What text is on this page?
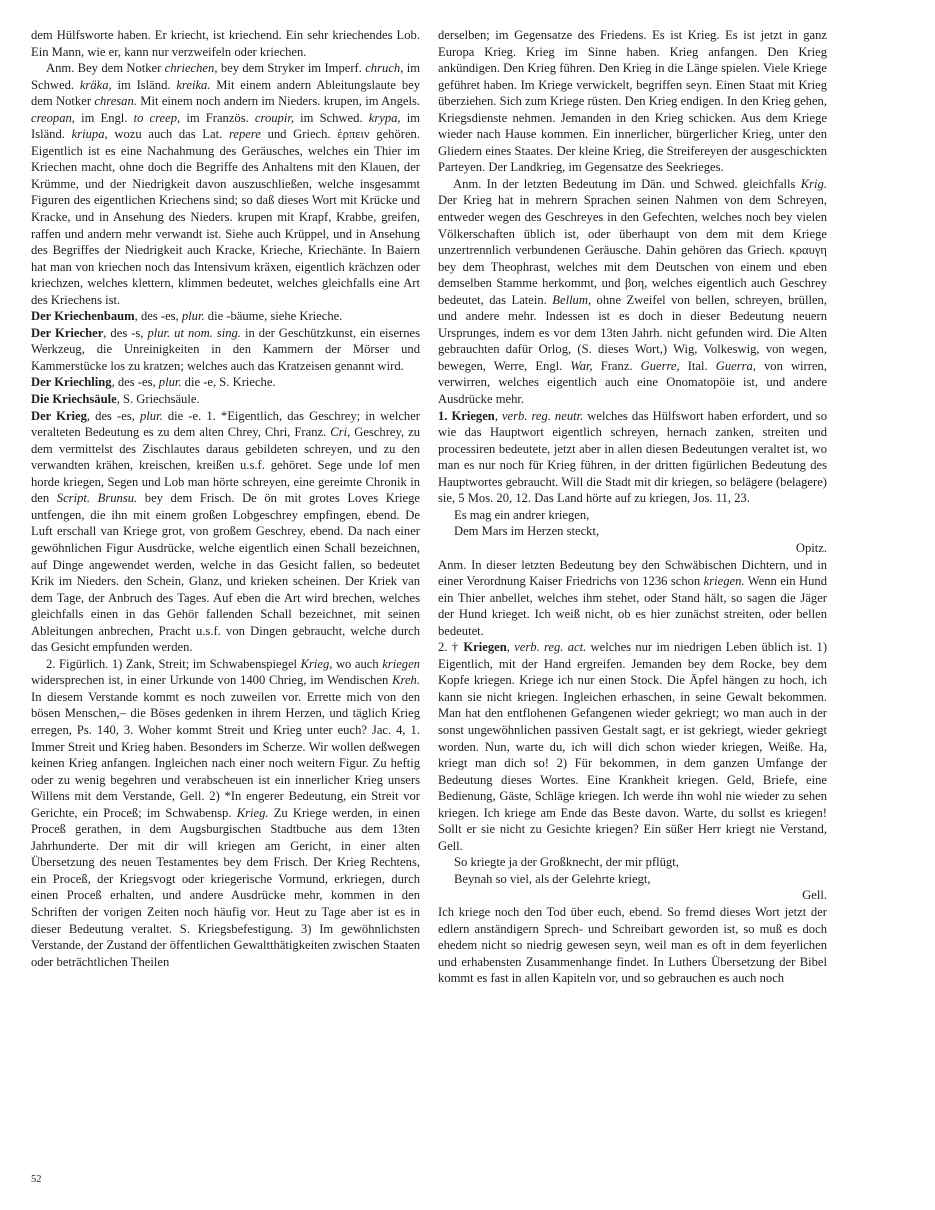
dem Hülfsworte haben. Er kriecht, ist kriechend. Ein sehr kriechendes Lob. Ein Mann, wie er, kann nur verzweifeln oder kriechen.

Anm. Bey dem Notker chriechen, bey dem Stryker im Imperf. chruch, im Schwed. kräka, im Isländ. kreika. Mit einem andern Ableitungslaute bey dem Notker chresan. Mit einem noch andern im Nieders. krupen, im Angels. creopan, im Engl. to creep, im Französ. croupir, im Schwed. krypa, im Isländ. kriupa, wozu auch das Lat. repere und Griech. ἑρπειν gehören. Eigentlich ist es eine Nachahmung des Geräusches, welches ein Thier im Kriechen macht, ohne doch die Begriffe des Anhaltens mit den Klauen, der Krümme, und der Niedrigkeit davon auszuschließen, welche insgesammt Figuren des eigentlichen Kriechens sind; so daß dieses Wort mit Krücke und Kracke, und in Ansehung des Nieders. krupen mit Krapf, Krabbe, greifen, raffen und andern mehr verwandt ist. Siehe auch Krüppel, und in Ansehung des Begriffes der Niedrigkeit auch Kracke, Krieche, Kriechänte. In Baiern hat man von kriechen noch das Intensivum kräxen, eigentlich krächzen oder kriechzen, welches klettern, klimmen bedeutet, welches gleichfalls eine Art des Kriechens ist.

Der Kriechenbaum, des -es, plur. die -bäume, siehe Krieche.

Der Kriecher, des -s, plur. ut nom. sing. in der Geschützkunst, ein eisernes Werkzeug, die Unreinigkeiten in den Kammern der Mörser und Kammerstücke los zu kratzen; welches auch das Kratzeisen genannt wird.

Der Kriechling, des -es, plur. die -e, S. Krieche.

Die Kriechsäule, S. Griechsäule.

Der Krieg, des -es, plur. die -e. 1. *Eigentlich, das Geschrey; in welcher veralteten Bedeutung es zu dem alten Chrey, Chri, Franz. Cri, Geschrey, zu dem vermittelst des Zischlautes daraus gebildeten schreyen, und zu den verwandten krähen, kreischen, kreißen u.s.f. gehöret. Sege unde lof men horde kriegen, Segen und Lob man hörte schreyen, eine gereimte Chronik in den Script. Brunsu. bey dem Frisch. De ön mit grotes Loves Kriege untfengen, die ihn mit einem großen Lobgeschrey empfingen, ebend. De Luft erschall van Kriege grot, von großem Geschrey, ebend. Da nach einer gewöhnlichen Figur Ausdrücke, welche eigentlich einen Schall bezeichnen, auf Dinge angewendet werden, welche in das Gesicht fallen, so bedeutet Krik im Nieders. den Schein, Glanz, und krieken scheinen. Der Kriek van dem Tage, der Anbruch des Tages. Auf eben die Art wird brechen, welches gleichfalls einen in das Gehör fallenden Schall bezeichnet, mit seinen Ableitungen anbrechen, Pracht u.s.f. von Dingen gebraucht, welche durch das Gesicht empfunden werden.

2. Figürlich. 1) Zank, Streit; im Schwabenspiegel Krieg, wo auch kriegen widersprechen ist, in einer Urkunde von 1400 Chrieg, im Wendischen Kreh. In diesem Verstande kommt es noch zuweilen vor. Errette mich von den bösen Menschen,– die Böses gedenken in ihrem Herzen, und täglich Krieg erregen, Ps. 140, 3. Woher kommt Streit und Krieg unter euch? Jac. 4, 1. Immer Streit und Krieg haben. Besonders im Scherze. Wir wollen deßwegen keinen Krieg anfangen. Ingleichen nach einer noch weitern Figur. Zu heftig oder zu wenig begehren und verabscheuen ist ein innerlicher Krieg unsers Willens mit dem Verstande, Gell. 2) *In engerer Bedeutung, ein Streit vor Gerichte, ein Proceß; im Schwabensp. Krieg. Zu Kriege werden, in einen Proceß gerathen, in dem Augsburgischen Stadtbuche aus dem 13ten Jahrhunderte. Der mit dir will kriegen am Gericht, in einer alten Übersetzung des neuen Testamentes bey dem Frisch. Der Krieg Rechtens, ein Proceß, der Kriegsvogt oder kriegerische Vormund, erkriegen, durch einen Proceß erhalten, und andere Ausdrücke mehr, kommen in den Schriften der vorigen Zeiten noch häufig vor. Heut zu Tage aber ist es in dieser Bedeutung veraltet. S. Kriegsbefestigung. 3) Im gewöhnlichsten Verstande, der Zustand der öffentlichen Gewaltthätigkeiten zwischen Staaten oder beträchtlichen Theilen

derselben; im Gegensatze des Friedens. Es ist Krieg. Es ist jetzt in ganz Europa Krieg. Krieg im Sinne haben. Krieg anfangen. Den Krieg ankündigen. Den Krieg führen. Den Krieg in die Länge spielen. Viele Kriege geführet haben. Im Kriege verwickelt, begriffen seyn. Einen Staat mit Krieg überziehen. Sich zum Kriege rüsten. Den Krieg endigen. In den Krieg gehen, Kriegsdienste nehmen. Jemanden in den Krieg schicken. Aus dem Kriege wieder nach Hause kommen. Ein innerlicher, bürgerlicher Krieg, unter den Gliedern eines Staates. Der kleine Krieg, die Streifereyen der ausgeschickten Parteyen. Der Landkrieg, im Gegensatze des Seekrieges.

Anm. In der letzten Bedeutung im Dän. und Schwed. gleichfalls Krig. Der Krieg hat in mehrern Sprachen seinen Nahmen von dem Schreyen, entweder wegen des Geschreyes in den Gefechten, welches noch bey vielen Völkerschaften üblich ist, oder überhaupt von dem mit dem Kriege unzertrennlich verbundenen Geräusche. Dahin gehören das Griech. κραυγη bey dem Theophrast, welches mit dem Deutschen von einem und eben demselben Stamme herkommt, und βοη, welches eigentlich auch Geschrey bedeutet, das Latein. Bellum, ohne Zweifel von bellen, schreyen, brüllen, und andere mehr. Indessen ist es doch in dieser Bedeutung neuern Ursprunges, indem es vor dem 13ten Jahrh. nicht gefunden wird. Die Alten gebrauchten dafür Orlog, (S. dieses Wort,) Wig, Volkeswig, von wegen, bewegen, Werre, Engl. War, Franz. Guerre, Ital. Guerra, von wirren, verwirren, welches eigentlich auch eine Onomatopöie ist, und andere Ausdrücke mehr.

1. Kriegen, verb. reg. neutr. welches das Hülfswort haben erfordert, und so wie das Hauptwort eigentlich schreyen, hernach zanken, streiten und processiren bedeutete, jetzt aber in allen diesen Bedeutungen veraltet ist, wo man es nur noch für Krieg führen, in der dritten figürlichen Bedeutung des Hauptwortes gebraucht. Will die Stadt mit dir kriegen, so belägere (belagere) sie, 5 Mos. 20, 12. Das Land hörte auf zu kriegen, Jos. 11, 23.

Es mag ein andrer kriegen,

Dem Mars im Herzen steckt,

Opitz.

Anm. In dieser letzten Bedeutung bey den Schwäbischen Dichtern, und in einer Verordnung Kaiser Friedrichs von 1236 schon kriegen. Wenn ein Hund ein Thier anbellet, welches ihm stehet, oder Stand hält, so sagen die Jäger der Hund krieget. Ich weiß nicht, ob es hier zunächst streiten, oder bellen bedeutet.

2. † Kriegen, verb. reg. act. welches nur im niedrigen Leben üblich ist. 1) Eigentlich, mit der Hand ergreifen. Jemanden bey dem Rocke, bey dem Kopfe kriegen. Kriege ich nur einen Stock. Die Äpfel hängen zu hoch, ich kann sie nicht kriegen. Ingleichen erhaschen, in seine Gewalt bekommen. Man hat den entflohenen Gefangenen wieder gekriegt; wo man auch in der sonst ungewöhnlichen passiven Gestalt sagt, er ist gekriegt, wieder gekriegt worden. Nun, warte du, ich will dich schon wieder kriegen, Weiße. Ha, kriegt man dich so! 2) Für bekommen, in dem ganzen Umfange der Bedeutung dieses Wortes. Eine Krankheit kriegen. Geld, Briefe, eine Bedienung, Gäste, Schläge kriegen. Ich werde ihn wohl nie wieder zu sehen kriegen. Ich kriege am Ende das Beste davon. Warte, du sollst es kriegen! Sollt er sie nicht zu Gesichte kriegen? Ein süßer Herr kriegt nie Verstand, Gell.

So kriegte ja der Großknecht, der mir pflügt,

Beynah so viel, als der Gelehrte kriegt,

Gell.

Ich kriege noch den Tod über euch, ebend. So fremd dieses Wort jetzt der edlern anständigern Sprech- und Schreibart geworden ist, so muß es doch ehedem nicht so niedrig gewesen seyn, weil man es oft in dem feyerlichen und erhabensten Zusammenhange findet. In Luthers Übersetzung der Bibel kommt es fast in allen Kapiteln vor, und so gebrauchen es auch noch

52
